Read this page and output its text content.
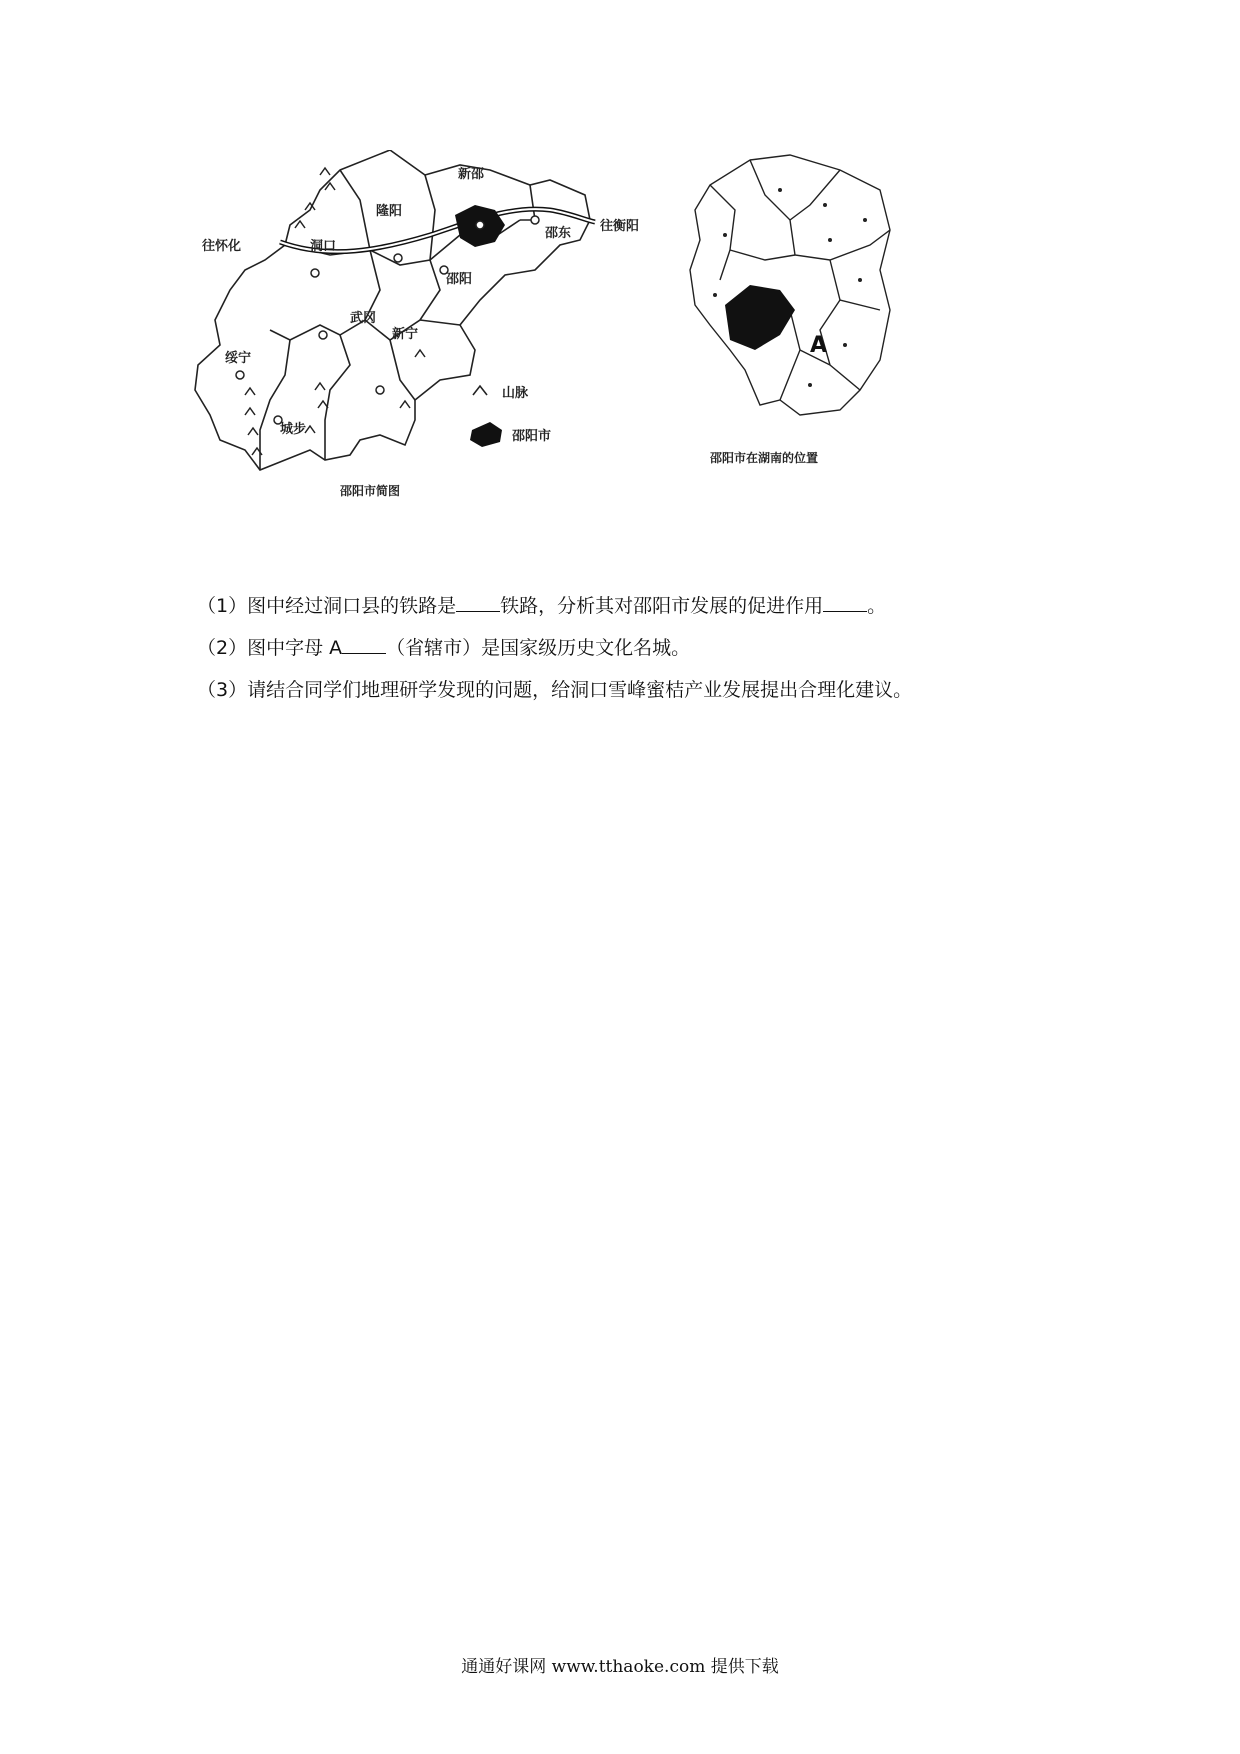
新邵
隆阳
邵东
洞口
邵阳
武冈
新宁
绥宁
城步
往怀化
往衡阳
山脉
邵阳市
邵阳市简图
A
邵阳市在湖南的位置
（1）图中经过洞口县的铁路是 铁路，分析其对邵阳市发展的促进作用 。
（2）图中字母 A （省辖市）是国家级历史文化名城。
（3）请结合同学们地理研学发现的问题，给洞口雪峰蜜桔产业发展提出合理化建议。
通通好课网 www.tthaoke.com 提供下载
